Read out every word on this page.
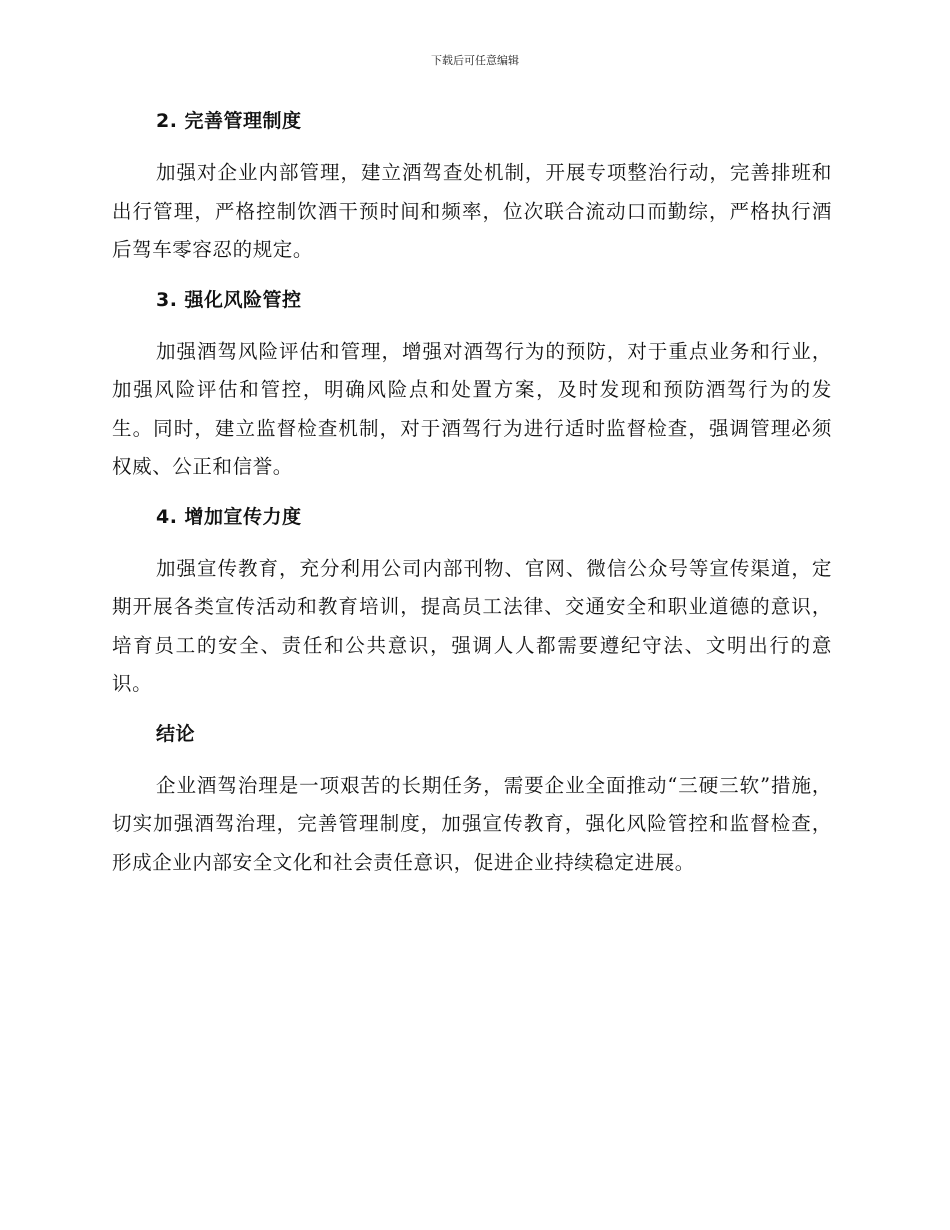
下载后可任意编辑
2. 完善管理制度

加强对企业内部管理，建立酒驾查处机制，开展专项整治行动，完善排班和出行管理，严格控制饮酒干预时间和频率，位次联合流动口而勤综，严格执行酒后驾车零容忍的规定。

3. 强化风险管控

加强酒驾风险评估和管理，增强对酒驾行为的预防，对于重点业务和行业，加强风险评估和管控，明确风险点和处置方案，及时发现和预防酒驾行为的发生。同时，建立监督检查机制，对于酒驾行为进行适时监督检查，强调管理必须权威、公正和信誉。

4. 增加宣传力度

加强宣传教育，充分利用公司内部刊物、官网、微信公众号等宣传渠道，定期开展各类宣传活动和教育培训，提高员工法律、交通安全和职业道德的意识，培育员工的安全、责任和公共意识，强调人人都需要遵纪守法、文明出行的意识。

结论

企业酒驾治理是一项艰苦的长期任务，需要企业全面推动“三硬三软”措施，切实加强酒驾治理，完善管理制度，加强宣传教育，强化风险管控和监督检查，形成企业内部安全文化和社会责任意识，促进企业持续稳定进展。
